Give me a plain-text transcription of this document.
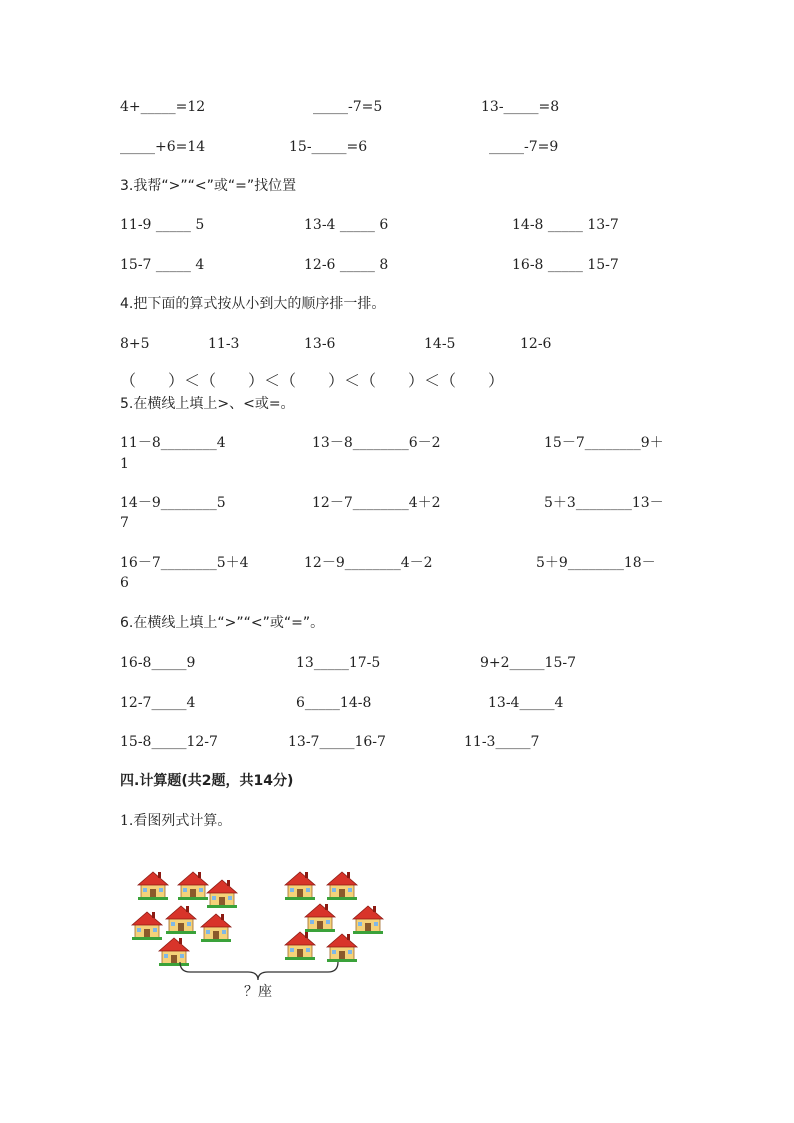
4+_____=12	_____-7=5	13-_____=8
_____+6=14	15-_____=6	_____-7=9
3.我帮“>”“<”或“=”找位置
11-9 _____ 5	13-4 _____ 6	14-8 _____ 13-7
15-7 _____ 4	12-6 _____ 8	16-8 _____ 15-7
4.把下面的算式按从小到大的顺序排一排。
8+5	11-3	13-6	14-5	12-6
（　　）＜（　　）＜（　　）＜（　　）＜（　　）
5.在横线上填上>、<或=。
11－8________4	13－8________6－2	15－7________9＋
1
14－9________5	12－7________4＋2	5＋3________13－
7
16－7________5＋4	12－9________4－2	5＋9________18－
6
6.在横线上填上“>”“<”或“=”。
16-8_____9	13_____17-5	9+2_____15-7
12-7_____4	6_____14-8	13-4_____4
15-8_____12-7	13-7_____16-7	11-3_____7
四.计算题(共2题，共14分)
1.看图列式计算。
？座
